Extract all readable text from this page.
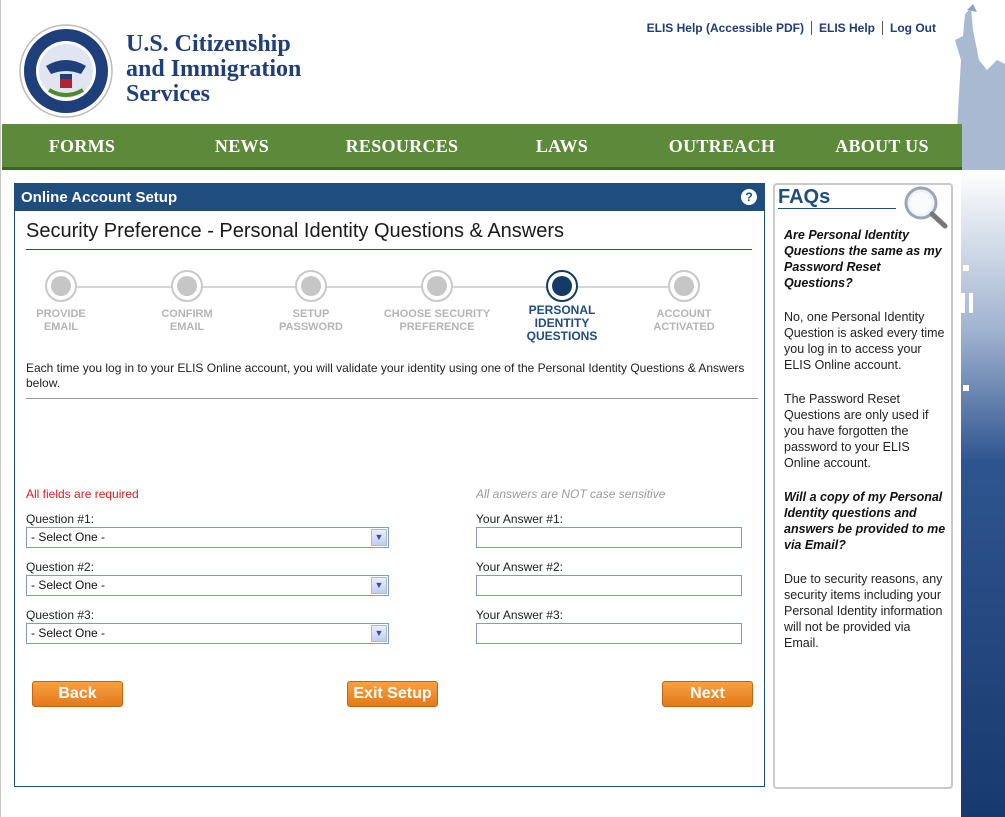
U.S. Citizenship
and Immigration
Services
ELIS Help (Accessible PDF)	ELIS Help	Log Out
FORMS	NEWS	RESOURCES	LAWS	OUTREACH	ABOUT US
Online Account Setup	?
Security Preference - Personal Identity Questions & Answers
PROVIDE EMAIL
CONFIRM EMAIL
SETUP PASSWORD
CHOOSE SECURITY PREFERENCE
PERSONAL IDENTITY QUESTIONS
ACCOUNT ACTIVATED
Each time you log in to your ELIS Online account, you will validate your identity using one of the Personal Identity Questions & Answers below.
All fields are required	All answers are NOT case sensitive
Question #1:
- Select One -	▼
Your Answer #1:
Question #2:
- Select One -	▼
Your Answer #2:
Question #3:
- Select One -	▼
Your Answer #3:
Back	Exit Setup	Next
FAQs
Are Personal Identity Questions the same as my Password Reset Questions?
No, one Personal Identity Question is asked every time you log in to access your ELIS Online account.
The Password Reset Questions are only used if you have forgotten the password to your ELIS Online account.
Will a copy of my Personal Identity questions and answers be provided to me via Email?
Due to security reasons, any security items including your Personal Identity information will not be provided via Email.
